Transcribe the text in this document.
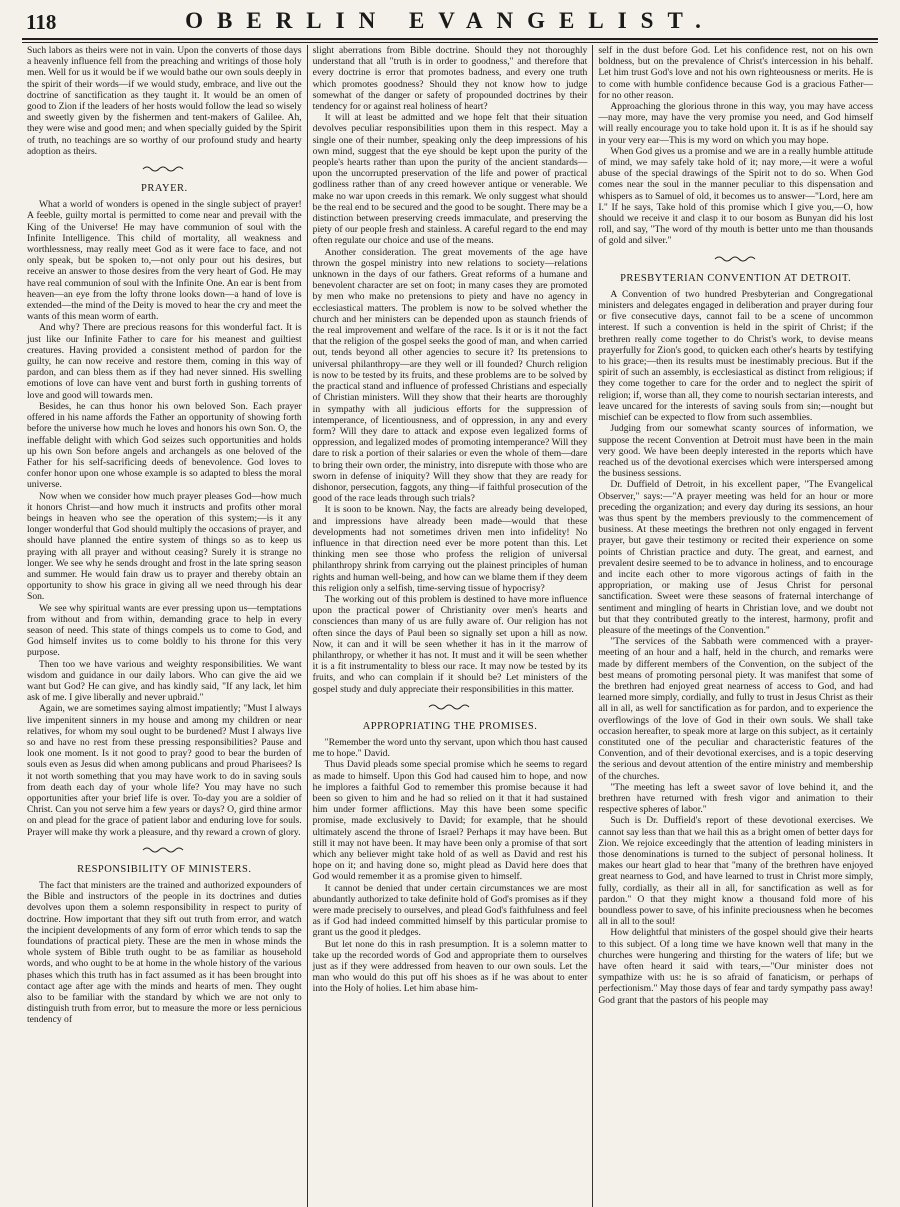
118	OBERLIN EVANGELIST.

Such labors as theirs were not in vain. Upon the converts of those days a heavenly influence fell from the preaching and writings of those holy men. Well for us it would be if we would bathe our own souls deeply in the spirit of their words—if we would study, embrace, and live out the doctrine of sanctification as they taught it. It would be an omen of good to Zion if the leaders of her hosts would follow the lead so wisely and sweetly given by the fishermen and tent-makers of Galilee. Ah, they were wise and good men; and when specially guided by the Spirit of truth, no teachings are so worthy of our profound study and hearty adoption as theirs.

PRAYER.

What a world of wonders is opened in the single subject of prayer! A feeble, guilty mortal is permitted to come near and prevail with the King of the Universe! He may have communion of soul with the Infinite Intelligence. This child of mortality, all weakness and worthlessness, may really meet God as it were face to face, and not only speak, but be spoken to,—not only pour out his desires, but receive an answer to those desires from the very heart of God. He may have real communion of soul with the Infinite One. An ear is bent from heaven—an eye from the lofty throne looks down—a hand of love is extended—the mind of the Deity is moved to hear the cry and meet the wants of this mean worm of earth.

And why? There are precious reasons for this wonderful fact. It is just like our Infinite Father to care for his meanest and guiltiest creatures. Having provided a consistent method of pardon for the guilty, he can now receive and restore them, coming in this way of pardon, and can bless them as if they had never sinned. His swelling emotions of love can have vent and burst forth in gushing torrents of love and good will towards men.

Besides, he can thus honor his own beloved Son. Each prayer offered in his name affords the Father an opportunity of showing forth before the universe how much he loves and honors his own Son. O, the ineffable delight with which God seizes such opportunities and holds up his own Son before angels and archangels as one beloved of the Father for his self-sacrificing deeds of benevolence. God loves to confer honor upon one whose example is so adapted to bless the moral universe.

Now when we consider how much prayer pleases God—how much it honors Christ—and how much it instructs and profits other moral beings in heaven who see the operation of this system;—is it any longer wonderful that God should multiply the occasions of prayer, and should have planned the entire system of things so as to keep us praying with all prayer and without ceasing? Surely it is strange no longer. We see why he sends drought and frost in the late spring season and summer. He would fain draw us to prayer and thereby obtain an opportunity to show his grace in giving all we need through his dear Son.

We see why spiritual wants are ever pressing upon us—temptations from without and from within, demanding grace to help in every season of need. This state of things compels us to come to God, and God himself invites us to come boldly to his throne for this very purpose.

Then too we have various and weighty responsibilities. We want wisdom and guidance in our daily labors. Who can give the aid we want but God? He can give, and has kindly said, "If any lack, let him ask of me. I give liberally and never upbraid."

Again, we are sometimes saying almost impatiently; "Must I always live impenitent sinners in my house and among my children or near relatives, for whom my soul ought to be burdened? Must I always live so and have no rest from these pressing responsibilities? Pause and look one moment. Is it not good to pray? good to bear the burden of souls even as Jesus did when among publicans and proud Pharisees? Is it not worth something that you may have work to do in saving souls from death each day of your whole life? You may have no such opportunities after your brief life is over. To-day you are a soldier of Christ. Can you not serve him a few years or days? O, gird thine armor on and plead for the grace of patient labor and enduring love for souls. Prayer will make thy work a pleasure, and thy reward a crown of glory.

RESPONSIBILITY OF MINISTERS.

The fact that ministers are the trained and authorized expounders of the Bible and instructors of the people in its doctrines and duties devolves upon them a solemn responsibility in respect to purity of doctrine. How important that they sift out truth from error, and watch the incipient developments of any form of error which tends to sap the foundations of practical piety. These are the men in whose minds the whole system of Bible truth ought to be as familiar as household words, and who ought to be at home in the whole history of the various phases which this truth has in fact assumed as it has been brought into contact age after age with the minds and hearts of men. They ought also to be familiar with the standard by which we are not only to distinguish truth from error, but to measure the more or less pernicious tendency of

slight aberrations from Bible doctrine. Should they not thoroughly understand that all "truth is in order to goodness," and therefore that every doctrine is error that promotes badness, and every one truth which promotes goodness? Should they not know how to judge somewhat of the danger or safety of propounded doctrines by their tendency for or against real holiness of heart?

It will at least be admitted and we hope felt that their situation devolves peculiar responsibilities upon them in this respect. May a single one of their number, speaking only the deep impressions of his own mind, suggest that the eye should be kept upon the purity of the people's hearts rather than upon the purity of the ancient standards—upon the uncorrupted preservation of the life and power of practical godliness rather than of any creed however antique or venerable. We make no war upon creeds in this remark. We only suggest what should be the real end to be secured and the good to be sought. There may be a distinction between preserving creeds immaculate, and preserving the piety of our people fresh and stainless. A careful regard to the end may often regulate our choice and use of the means.

Another consideration. The great movements of the age have thrown the gospel ministry into new relations to society—relations unknown in the days of our fathers. Great reforms of a humane and benevolent character are set on foot; in many cases they are promoted by men who make no pretensions to piety and have no agency in ecclesiastical matters. The problem is now to be solved whether the church and her ministers can be depended upon as staunch friends of the real improvement and welfare of the race. Is it or is it not the fact that the religion of the gospel seeks the good of man, and when carried out, tends beyond all other agencies to secure it? Its pretensions to universal philanthropy—are they well or ill founded? Church religion is now to be tested by its fruits, and these problems are to be solved by the practical stand and influence of professed Christians and especially of Christian ministers. Will they show that their hearts are thoroughly in sympathy with all judicious efforts for the suppression of intemperance, of licentiousness, and of oppression, in any and every form? Will they dare to attack and expose even legalized forms of oppression, and legalized modes of promoting intemperance? Will they dare to risk a portion of their salaries or even the whole of them—dare to bring their own order, the ministry, into disrepute with those who are sworn in defense of iniquity? Will they show that they are ready for dishonor, persecution, faggots, any thing—if faithful prosecution of the good of the race leads through such trials?

It is soon to be known. Nay, the facts are already being developed, and impressions have already been made—would that these developments had not sometimes driven men into infidelity! No influence in that direction need ever be more potent than this. Let thinking men see those who profess the religion of universal philanthropy shrink from carrying out the plainest principles of human rights and human well-being, and how can we blame them if they deem this religion only a selfish, time-serving tissue of hypocrisy?

The working out of this problem is destined to have more influence upon the practical power of Christianity over men's hearts and consciences than many of us are fully aware of. Our religion has not often since the days of Paul been so signally set upon a hill as now. Now, it can and it will be seen whether it has in it the marrow of philanthropy, or whether it has not. It must and it will be seen whether it is a fit instrumentality to bless our race. It may now be tested by its fruits, and who can complain if it should be? Let ministers of the gospel study and duly appreciate their responsibilities in this matter.

APPROPRIATING THE PROMISES.

"Remember the word unto thy servant, upon which thou hast caused me to hope." David.

Thus David pleads some special promise which he seems to regard as made to himself. Upon this God had caused him to hope, and now he implores a faithful God to remember this promise because it had been so given to him and he had so relied on it that it had sustained him under former afflictions. May this have been some specific promise, made exclusively to David; for example, that he should ultimately ascend the throne of Israel? Perhaps it may have been. But still it may not have been. It may have been only a promise of that sort which any believer might take hold of as well as David and rest his hope on it; and having done so, might plead as David here does that God would remember it as a promise given to himself.

It cannot be denied that under certain circumstances we are most abundantly authorized to take definite hold of God's promises as if they were made precisely to ourselves, and plead God's faithfulness and feel as if God had indeed committed himself by this particular promise to grant us the good it pledges.

But let none do this in rash presumption. It is a solemn matter to take up the recorded words of God and appropriate them to ourselves just as if they were addressed from heaven to our own souls. Let the man who would do this put off his shoes as if he was about to enter into the Holy of holies. Let him abase him-

self in the dust before God. Let his confidence rest, not on his own boldness, but on the prevalence of Christ's intercession in his behalf. Let him trust God's love and not his own righteousness or merits. He is to come with humble confidence because God is a gracious Father—for no other reason.

Approaching the glorious throne in this way, you may have access—nay more, may have the very promise you need, and God himself will really encourage you to take hold upon it. It is as if he should say in your very ear—This is my word on which you may hope.

When God gives us a promise and we are in a really humble attitude of mind, we may safely take hold of it; nay more,—it were a woful abuse of the special drawings of the Spirit not to do so. When God comes near the soul in the manner peculiar to this dispensation and whispers as to Samuel of old, it becomes us to answer—"Lord, here am I." If he says, Take hold of this promise which I give you,—O, how should we receive it and clasp it to our bosom as Bunyan did his lost roll, and say, "The word of thy mouth is better unto me than thousands of gold and silver."

PRESBYTERIAN CONVENTION AT DETROIT.

A Convention of two hundred Presbyterian and Congregational ministers and delegates engaged in deliberation and prayer during four or five consecutive days, cannot fail to be a scene of uncommon interest. If such a convention is held in the spirit of Christ; if the brethren really come together to do Christ's work, to devise means prayerfully for Zion's good, to quicken each other's hearts by testifying to his grace;—then its results must be inestimably precious. But if the spirit of such an assembly, is ecclesiastical as distinct from religious; if they come together to care for the order and to neglect the spirit of religion; if, worse than all, they come to nourish sectarian interests, and leave uncared for the interests of saving souls from sin;—nought but mischief can be expected to flow from such assemblies.

Judging from our somewhat scanty sources of information, we suppose the recent Convention at Detroit must have been in the main very good. We have been deeply interested in the reports which have reached us of the devotional exercises which were interspersed among the business sessions.

Dr. Duffield of Detroit, in his excellent paper, "The Evangelical Observer," says:—"A prayer meeting was held for an hour or more preceding the organization; and every day during its sessions, an hour was thus spent by the members previously to the commencement of business. At these meetings the brethren not only engaged in fervent prayer, but gave their testimony or recited their experience on some points of Christian practice and duty. The great, and earnest, and prevalent desire seemed to be to advance in holiness, and to encourage and incite each other to more vigorous actings of faith in the appropriation, or making use of Jesus Christ for personal sanctification. Sweet were these seasons of fraternal interchange of sentiment and mingling of hearts in Christian love, and we doubt not but that they contributed greatly to the interest, harmony, profit and pleasure of the meetings of the Convention."

"The services of the Sabbath were commenced with a prayer-meeting of an hour and a half, held in the church, and remarks were made by different members of the Convention, on the subject of the best means of promoting personal piety. It was manifest that some of the brethren had enjoyed great nearness of access to God, and had learned more simply, cordially, and fully to trust in Jesus Christ as their all in all, as well for sanctification as for pardon, and to experience the overflowings of the love of God in their own souls. We shall take occasion hereafter, to speak more at large on this subject, as it certainly constituted one of the peculiar and characteristic features of the Convention, and of their devotional exercises, and is a topic deserving the serious and devout attention of the entire ministry and membership of the churches.

"The meeting has left a sweet savor of love behind it, and the brethren have returned with fresh vigor and animation to their respective spheres of labor."

Such is Dr. Duffield's report of these devotional exercises. We cannot say less than that we hail this as a bright omen of better days for Zion. We rejoice exceedingly that the attention of leading ministers in those denominations is turned to the subject of personal holiness. It makes our heart glad to hear that "many of the brethren have enjoyed great nearness to God, and have learned to trust in Christ more simply, fully, cordially, as their all in all, for sanctification as well as for pardon." O that they might know a thousand fold more of his boundless power to save, of his infinite preciousness when he becomes all in all to the soul!

How delightful that ministers of the gospel should give their hearts to this subject. Of a long time we have known well that many in the churches were hungering and thirsting for the waters of life; but we have often heard it said with tears,—"Our minister does not sympathize with us: he is so afraid of fanaticism, or perhaps of perfectionism." May those days of fear and tardy sympathy pass away! God grant that the pastors of his people may
